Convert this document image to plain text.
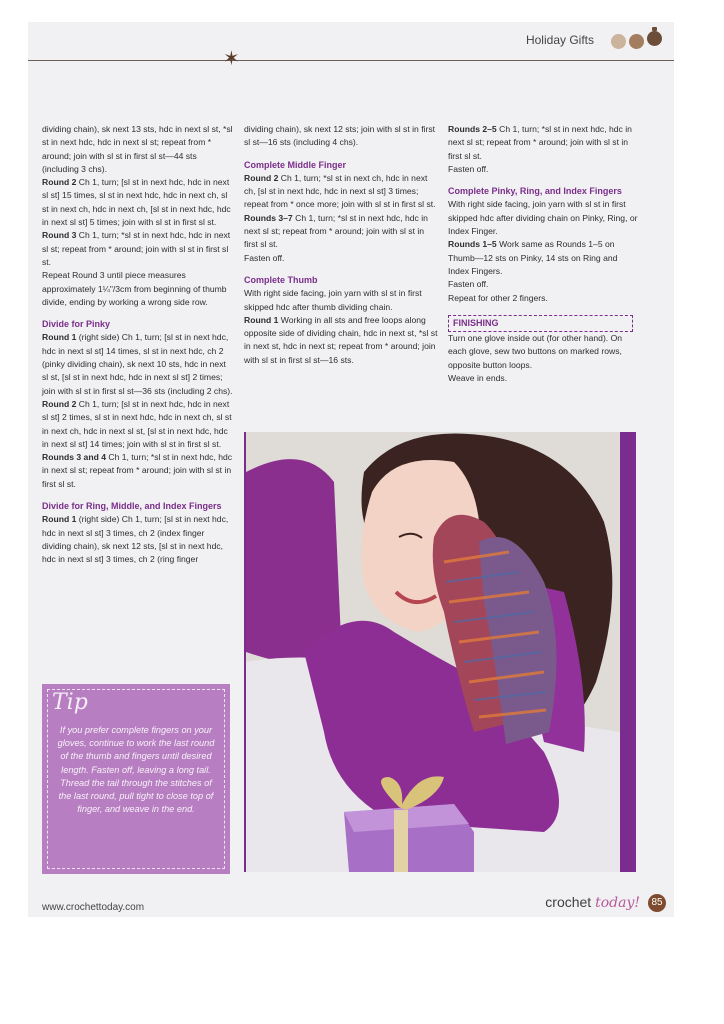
Holiday Gifts
✶

dividing chain), sk next 13 sts, hdc in next sl st, *sl st in next hdc, hdc in next sl st; repeat from * around; join with sl st in first sl st—44 sts (including 3 chs).

Round 2 Ch 1, turn; [sl st in next hdc, hdc in next sl st] 15 times, sl st in next hdc, hdc in next ch, sl st in next ch, hdc in next ch, [sl st in next hdc, hdc in next sl st] 5 times; join with sl st in first sl st.

Round 3 Ch 1, turn; *sl st in next hdc, hdc in next sl st; repeat from * around; join with sl st in first sl st.

Repeat Round 3 until piece measures approximately 1¼"/3cm from beginning of thumb divide, ending by working a wrong side row.

Divide for Pinky

Round 1 (right side) Ch 1, turn; [sl st in next hdc, hdc in next sl st] 14 times, sl st in next hdc, ch 2 (pinky dividing chain), sk next 10 sts, hdc in next sl st, [sl st in next hdc, hdc in next sl st] 2 times; join with sl st in first sl st—36 sts (including 2 chs).

Round 2 Ch 1, turn; [sl st in next hdc, hdc in next sl st] 2 times, sl st in next hdc, hdc in next ch, sl st in next ch, hdc in next sl st, [sl st in next hdc, hdc in next sl st] 14 times; join with sl st in first sl st.

Rounds 3 and 4 Ch 1, turn; *sl st in next hdc, hdc in next sl st; repeat from * around; join with sl st in first sl st.

Divide for Ring, Middle, and Index Fingers

Round 1 (right side) Ch 1, turn; [sl st in next hdc, hdc in next sl st] 3 times, ch 2 (index finger dividing chain), sk next 12 sts, [sl st in next hdc, hdc in next sl st] 3 times, ch 2 (ring finger

dividing chain), sk next 12 sts; join with sl st in first sl st—16 sts (including 4 chs).

Complete Middle Finger

Round 2 Ch 1, turn; *sl st in next ch, hdc in next ch, [sl st in next hdc, hdc in next sl st] 3 times; repeat from * once more; join with sl st in first sl st.

Rounds 3–7 Ch 1, turn; *sl st in next hdc, hdc in next sl st; repeat from * around; join with sl st in first sl st.

Fasten off.

Complete Thumb

With right side facing, join yarn with sl st in first skipped hdc after thumb dividing chain.

Round 1 Working in all sts and free loops along opposite side of dividing chain, hdc in next st, *sl st in next st, hdc in next st; repeat from * around; join with sl st in first sl st—16 sts.

Rounds 2–5 Ch 1, turn; *sl st in next hdc, hdc in next sl st; repeat from * around; join with sl st in first sl st.

Fasten off.

Complete Pinky, Ring, and Index Fingers

With right side facing, join yarn with sl st in first skipped hdc after dividing chain on Pinky, Ring, or Index Finger.

Rounds 1–5 Work same as Rounds 1–5 on Thumb—12 sts on Pinky, 14 sts on Ring and Index Fingers.

Fasten off.

Repeat for other 2 fingers.

FINISHING

Turn one glove inside out (for other hand). On each glove, sew two buttons on marked rows, opposite button loops.

Weave in ends.

Tip
If you prefer complete fingers on your gloves, continue to work the last round of the thumb and fingers until desired length. Fasten off, leaving a long tail. Thread the tail through the stitches of the last round, pull tight to close top of finger, and weave in the end.
www.crochettoday.com	crochet today!	85
